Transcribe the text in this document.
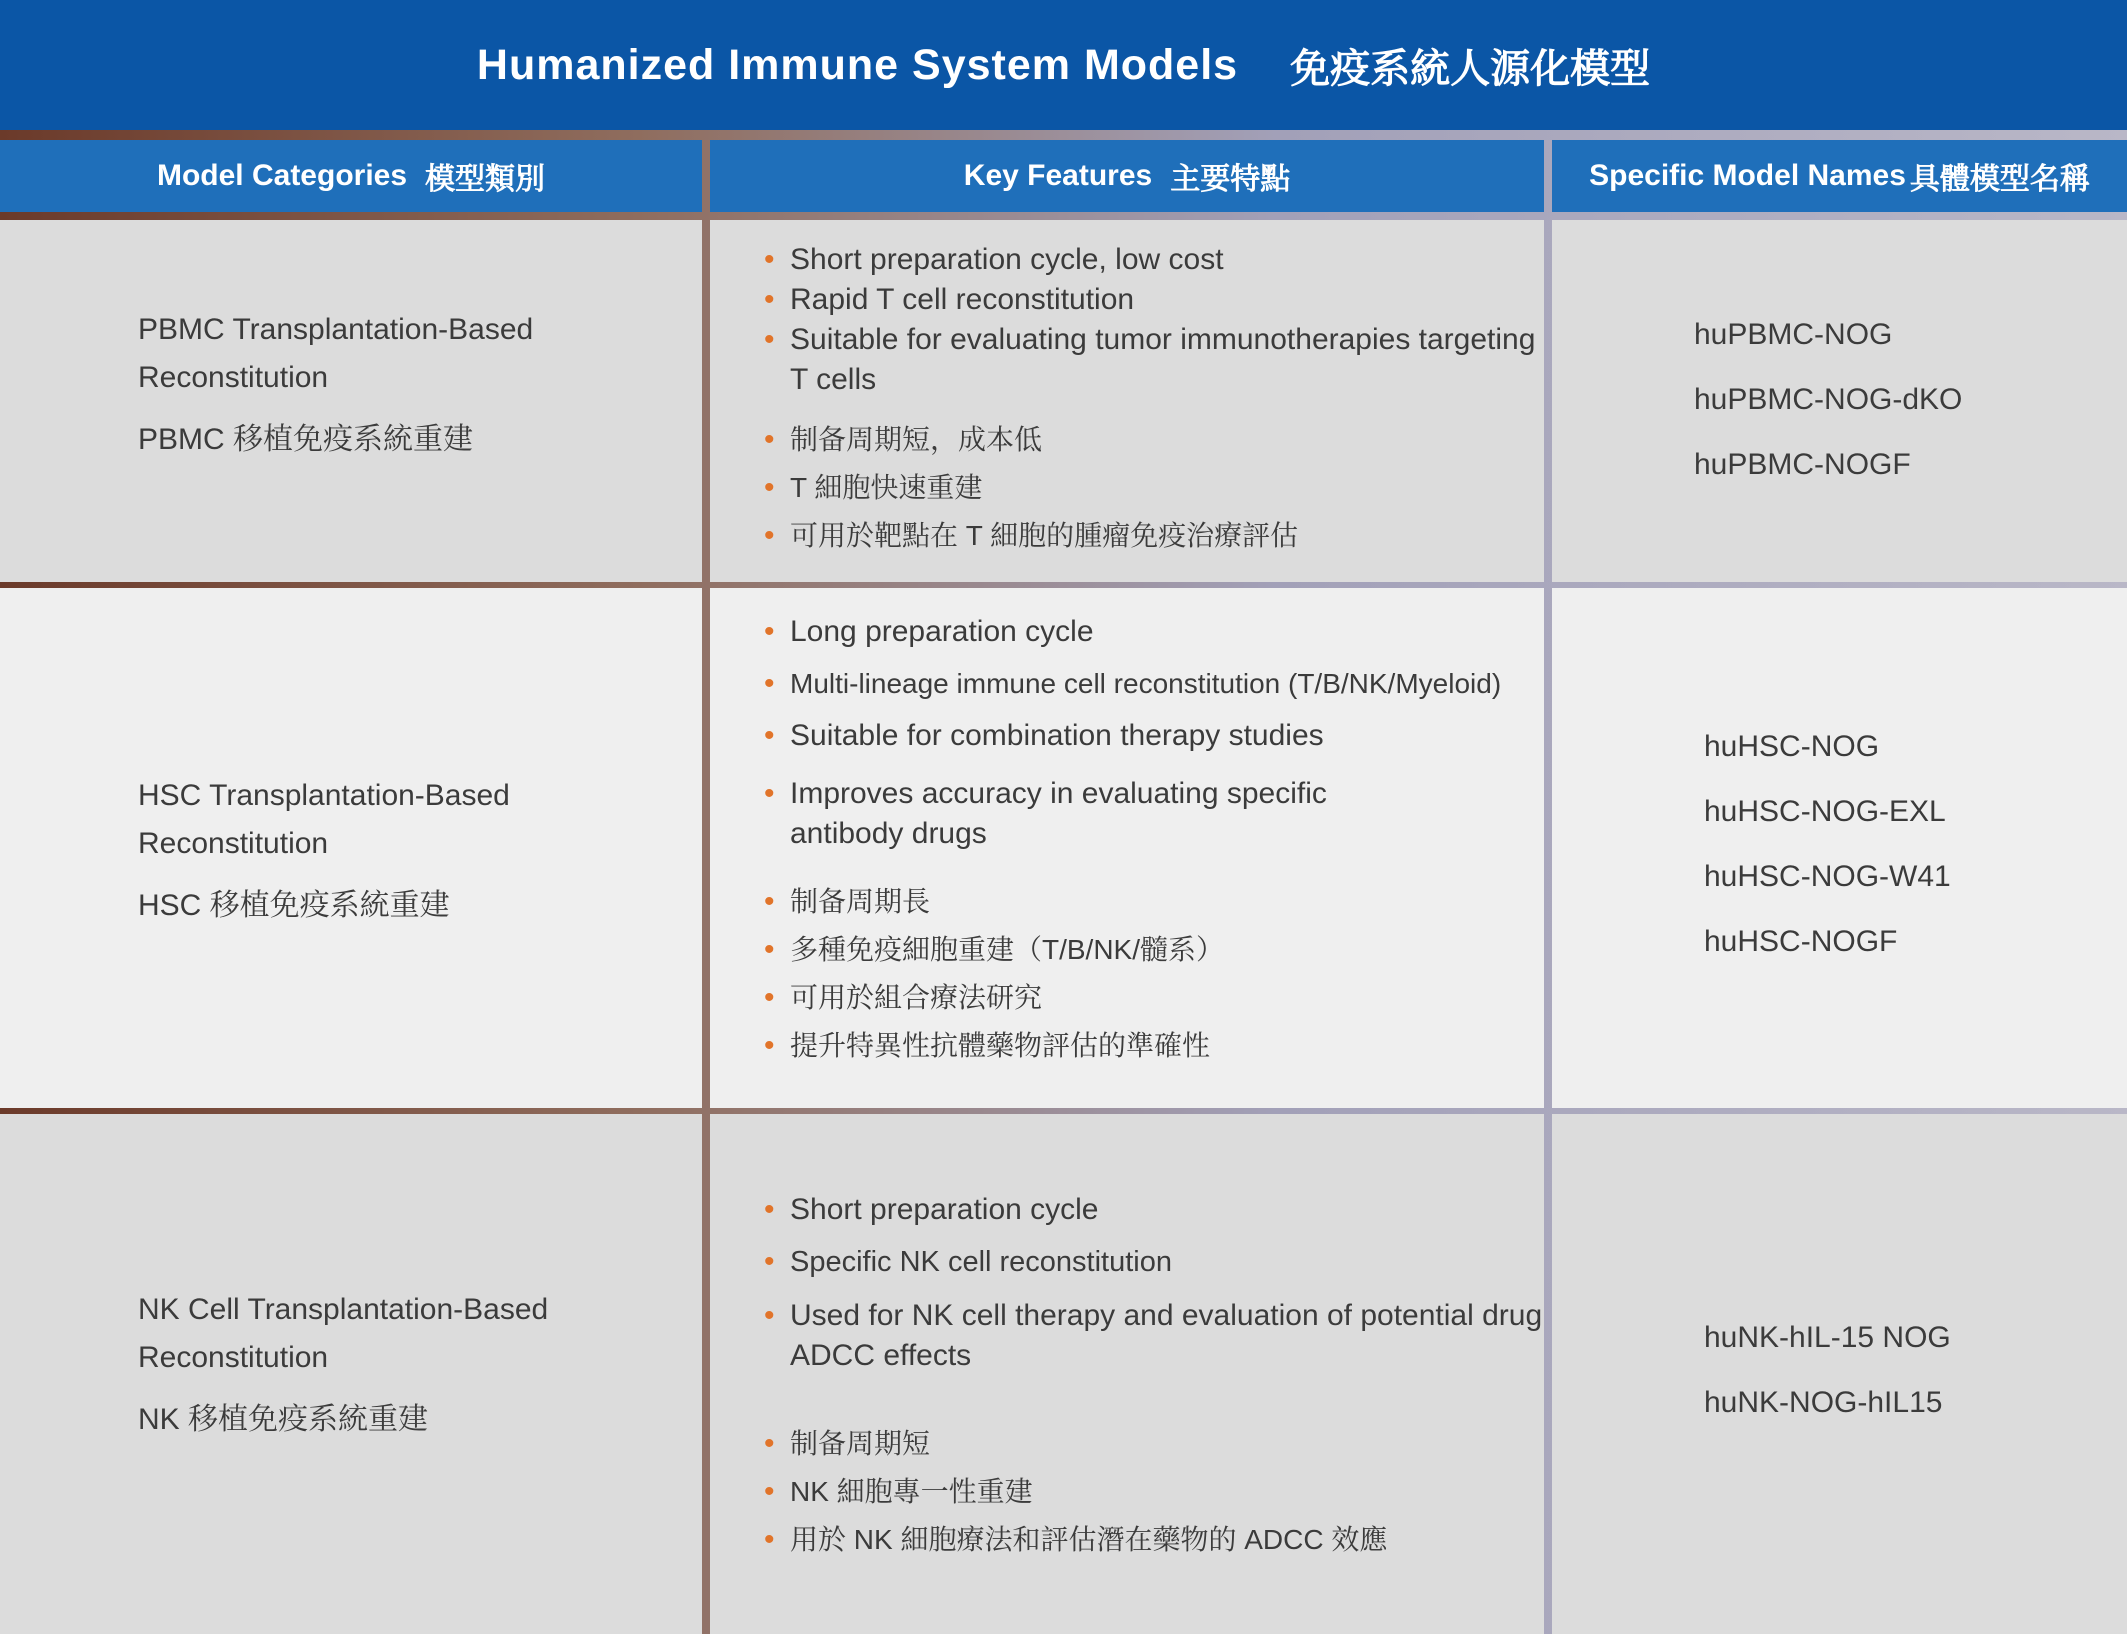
Humanized Immune System Models 免疫系統人源化模型
Model Categories 模型類別	Key Features 主要特點	Specific Model Names 具體模型名稱
PBMC Transplantation-Based
Reconstitution
PBMC 移植免疫系統重建
• Short preparation cycle, low cost
• Rapid T cell reconstitution
• Suitable for evaluating tumor immunotherapies targeting T cells
• 制备周期短，成本低
• T 細胞快速重建
• 可用於靶點在 T 細胞的腫瘤免疫治療評估
huPBMC-NOG
huPBMC-NOG-dKO
huPBMC-NOGF
HSC Transplantation-Based
Reconstitution
HSC 移植免疫系統重建
• Long preparation cycle
• Multi-lineage immune cell reconstitution (T/B/NK/Myeloid)
• Suitable for combination therapy studies
• Improves accuracy in evaluating specific antibody drugs
• 制备周期長
• 多種免疫細胞重建（T/B/NK/髓系）
• 可用於組合療法研究
• 提升特異性抗體藥物評估的準確性
huHSC-NOG
huHSC-NOG-EXL
huHSC-NOG-W41
huHSC-NOGF
NK Cell Transplantation-Based
Reconstitution
NK 移植免疫系統重建
• Short preparation cycle
• Specific NK cell reconstitution
• Used for NK cell therapy and evaluation of potential drug ADCC effects
• 制备周期短
• NK 細胞專一性重建
• 用於 NK 細胞療法和評估潛在藥物的 ADCC 效應
huNK-hIL-15 NOG
huNK-NOG-hIL15
